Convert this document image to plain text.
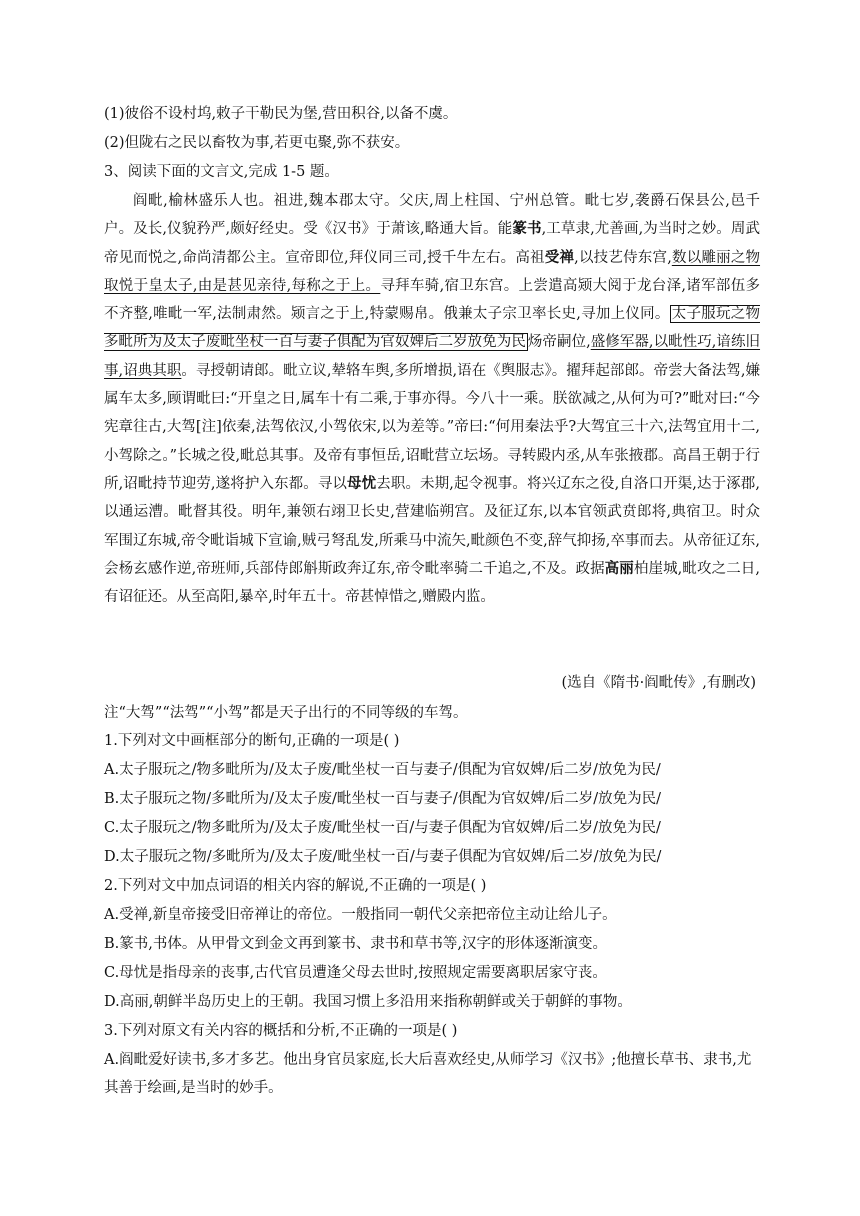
(1)彼俗不设村坞,敕子干勒民为堡,营田积谷,以备不虞。
(2)但陇右之民以畜牧为事,若更屯聚,弥不获安。
3、阅读下面的文言文,完成 1-5 题。
阎毗,榆林盛乐人也。祖进,魏本郡太守。父庆,周上柱国、宁州总管。毗七岁,袭爵石保县公,邑千户。及长,仪貌矜严,颇好经史。受《汉书》于萧该,略通大旨。能篆书,工草隶,尤善画,为当时之妙。周武帝见而悦之,命尚清都公主。宣帝即位,拜仪同三司,授千牛左右。高祖受禅,以技艺侍东宫,数以雕丽之物取悦于皇太子,由是甚见亲待,每称之于上。寻拜车骑,宿卫东宫。上尝遣高颎大阅于龙台泽,诸军部伍多不齐整,唯毗一军,法制肃然。颎言之于上,特蒙赐帛。俄兼太子宗卫率长史,寻加上仪同。 太子服玩之物多毗所为及太子废毗坐杖一百与妻子俱配为官奴婢后二岁放免为民 炀帝嗣位,盛修军器,以毗性巧,谙练旧事,诏典其职。寻授朝请郎。毗立议,辇辂车舆,多所增损,语在《舆服志》。擢拜起部郎。帝尝大备法驾,嫌属车太多,顾谓毗曰:“开皇之日,属车十有二乘,于事亦得。今八十一乘。朕欲减之,从何为可?”毗对曰:“今宪章往古,大驾[注]依秦,法驾依汉,小驾依宋,以为差等。”帝曰:“何用秦法乎?大驾宜三十六,法驾宜用十二,小驾除之。”长城之役,毗总其事。及帝有事恒岳,诏毗营立坛场。寻转殿内丞,从车张掖郡。高昌王朝于行所,诏毗持节迎劳,遂将护入东都。寻以母忧去职。未期,起令视事。将兴辽东之役,自洛口开渠,达于涿郡,以通运漕。毗督其役。明年,兼领右翊卫长史,营建临朔宫。及征辽东,以本官领武贲郎将,典宿卫。时众军围辽东城,帝令毗诣城下宣谕,贼弓弩乱发,所乘马中流矢,毗颜色不变,辞气抑扬,卒事而去。从帝征辽东,会杨玄感作逆,帝班师,兵部侍郎斛斯政奔辽东,帝令毗率骑二千追之,不及。政据高丽柏崖城,毗攻之二日,有诏征还。从至高阳,暴卒,时年五十。帝甚悼惜之,赠殿内监。
(选自《隋书·阎毗传》,有删改)
注“大驾”“法驾”“小驾”都是天子出行的不同等级的车驾。
1.下列对文中画框部分的断句,正确的一项是( )
A.太子服玩之/物多毗所为/及太子废/毗坐杖一百与妻子/俱配为官奴婢/后二岁/放免为民/
B.太子服玩之物/多毗所为/及太子废/毗坐杖一百与妻子/俱配为官奴婢/后二岁/放免为民/
C.太子服玩之/物多毗所为/及太子废/毗坐杖一百/与妻子俱配为官奴婢/后二岁/放免为民/
D.太子服玩之物/多毗所为/及太子废/毗坐杖一百/与妻子俱配为官奴婢/后二岁/放免为民/
2.下列对文中加点词语的相关内容的解说,不正确的一项是( )
A.受禅,新皇帝接受旧帝禅让的帝位。一般指同一朝代父亲把帝位主动让给儿子。
B.篆书,书体。从甲骨文到金文再到篆书、隶书和草书等,汉字的形体逐渐演变。
C.母忧是指母亲的丧事,古代官员遭逢父母去世时,按照规定需要离职居家守丧。
D.高丽,朝鲜半岛历史上的王朝。我国习惯上多沿用来指称朝鲜或关于朝鲜的事物。
3.下列对原文有关内容的概括和分析,不正确的一项是( )
A.阎毗爱好读书,多才多艺。他出身官员家庭,长大后喜欢经史,从师学习《汉书》;他擅长草书、隶书,尤其善于绘画,是当时的妙手。
